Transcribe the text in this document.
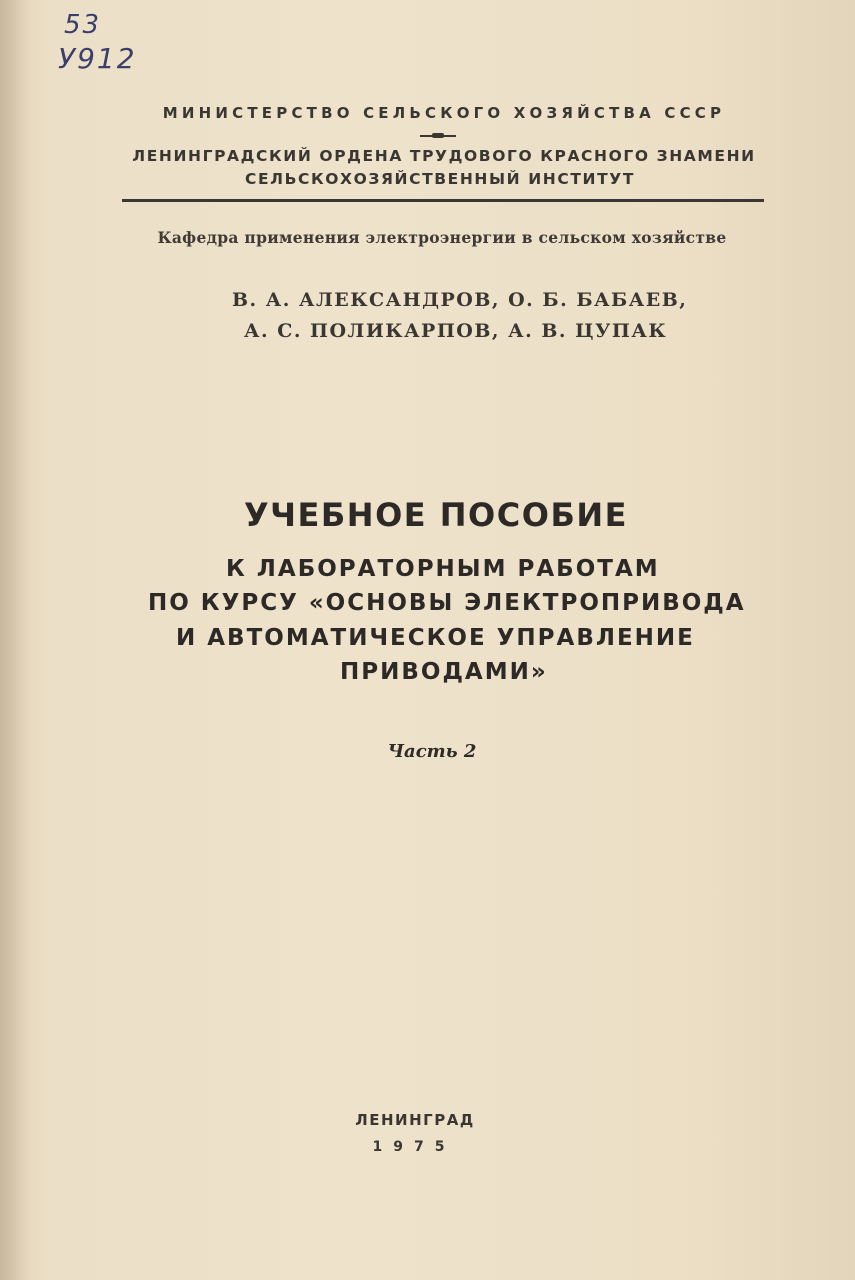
53
У912
МИНИСТЕРСТВО СЕЛЬСКОГО ХОЗЯЙСТВА СССР
ЛЕНИНГРАДСКИЙ ОРДЕНА ТРУДОВОГО КРАСНОГО ЗНАМЕНИ
СЕЛЬСКОХОЗЯЙСТВЕННЫЙ ИНСТИТУТ
Кафедра применения электроэнергии в сельском хозяйстве
В. А. АЛЕКСАНДРОВ, О. Б. БАБАЕВ,
А. С. ПОЛИКАРПОВ, А. В. ЦУПАК
УЧЕБНОЕ ПОСОБИЕ
К ЛАБОРАТОРНЫМ РАБОТАМ
ПО КУРСУ «ОСНОВЫ ЭЛЕКТРОПРИВОДА
И АВТОМАТИЧЕСКОЕ УПРАВЛЕНИЕ
ПРИВОДАМИ»
Часть 2
ЛЕНИНГРАД
1975
